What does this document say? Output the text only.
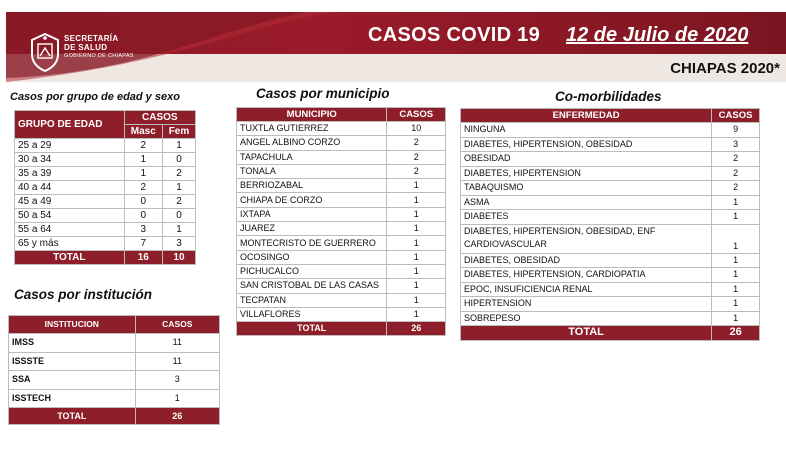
SECRETARÍA
DE SALUD
GOBIERNO DE CHIAPAS
CASOS COVID 19 12 de Julio de 2020
CHIAPAS 2020*
Casos por grupo de edad y sexo
GRUPO DE EDAD	CASOS	
	Masc	Fem
25 a 29	2	1
30 a 34	1	0
35 a 39	1	2
40 a 44	2	1
45 a 49	0	2
50 a 54	0	0
55 a 64	3	1
65 y más	7	3
TOTAL	16	10
Casos por institución
INSTITUCION	CASOS
IMSS	11
ISSSTE	11
SSA	3
ISSTECH	1
TOTAL	26
Casos por municipio
MUNICIPIO	CASOS
TUXTLA GUTIERREZ	10
ANGEL ALBINO CORZO	2
TAPACHULA	2
TONALA	2
BERRIOZABAL	1
CHIAPA DE CORZO	1
IXTAPA	1
JUAREZ	1
MONTECRISTO DE GUERRERO	1
OCOSINGO	1
PICHUCALCO	1
SAN CRISTOBAL DE LAS CASAS	1
TECPATAN	1
VILLAFLORES	1
TOTAL	26
Co-morbilidades
ENFERMEDAD	CASOS
NINGUNA	9
DIABETES, HIPERTENSION, OBESIDAD	3
OBESIDAD	2
DIABETES, HIPERTENSION	2
TABAQUISMO	2
ASMA	1
DIABETES	1
DIABETES, HIPERTENSION, OBESIDAD, ENF CARDIOVASCULAR	1
DIABETES, OBESIDAD	1
DIABETES, HIPERTENSION, CARDIOPATIA	1
EPOC, INSUFICIENCIA RENAL	1
HIPERTENSION	1
SOBREPESO	1
TOTAL	26
